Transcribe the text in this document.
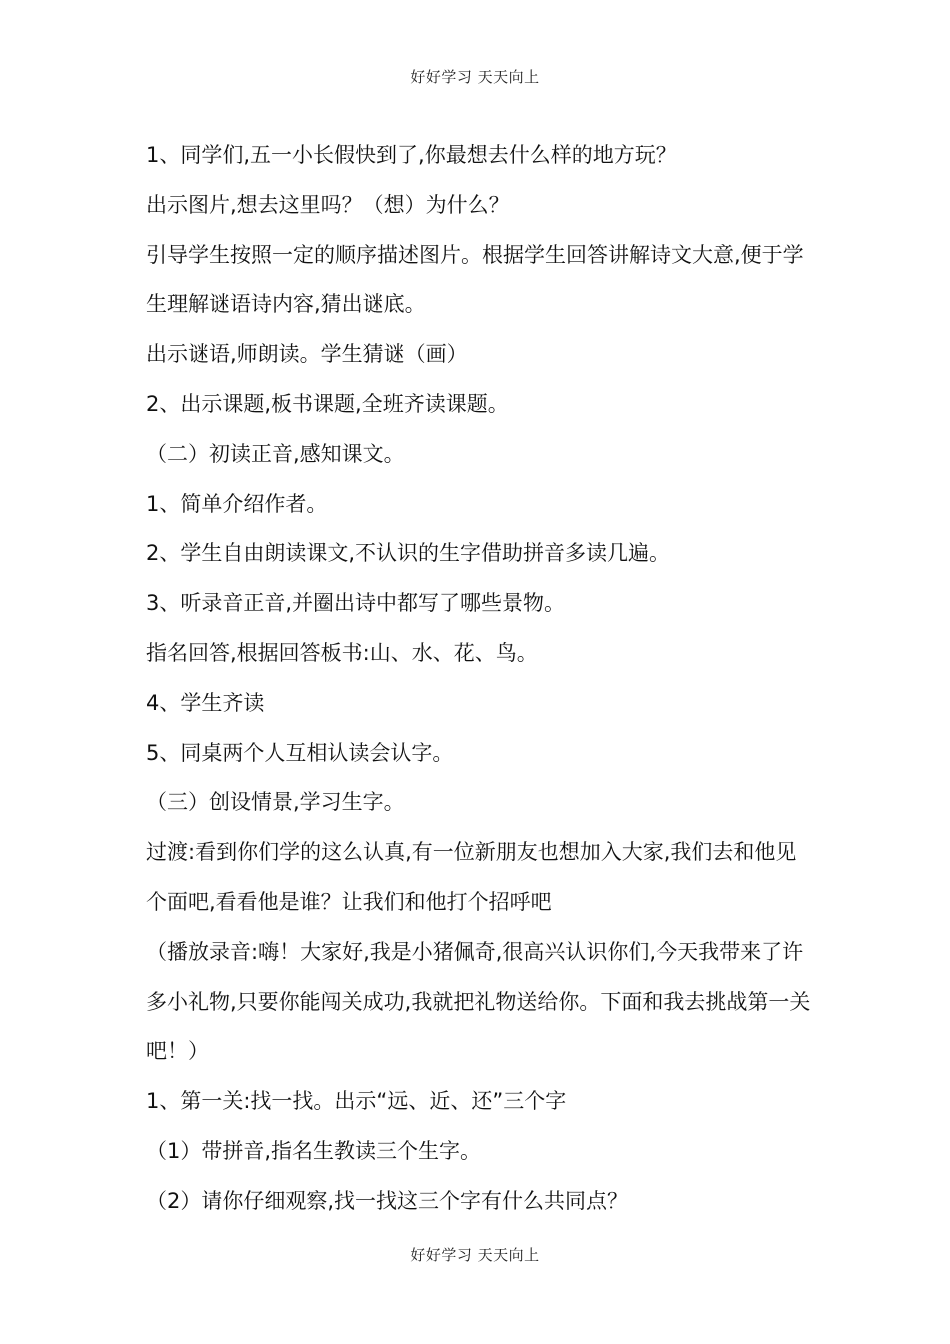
好好学习 天天向上

1、同学们,五一小长假快到了,你最想去什么样的地方玩？

出示图片,想去这里吗？（想）为什么？

引导学生按照一定的顺序描述图片。根据学生回答讲解诗文大意,便于学生理解谜语诗内容,猜出谜底。

出示谜语,师朗读。学生猜谜（画）

2、出示课题,板书课题,全班齐读课题。

（二）初读正音,感知课文。

1、简单介绍作者。

2、学生自由朗读课文,不认识的生字借助拼音多读几遍。

3、听录音正音,并圈出诗中都写了哪些景物。

指名回答,根据回答板书:山、水、花、鸟。

4、学生齐读

5、同桌两个人互相认读会认字。

（三）创设情景,学习生字。

过渡:看到你们学的这么认真,有一位新朋友也想加入大家,我们去和他见个面吧,看看他是谁？让我们和他打个招呼吧

（播放录音:嗨！大家好,我是小猪佩奇,很高兴认识你们,今天我带来了许多小礼物,只要你能闯关成功,我就把礼物送给你。下面和我去挑战第一关吧！）

1、第一关:找一找。出示“远、近、还”三个字

（1）带拼音,指名生教读三个生字。

（2）请你仔细观察,找一找这三个字有什么共同点？

好好学习 天天向上
